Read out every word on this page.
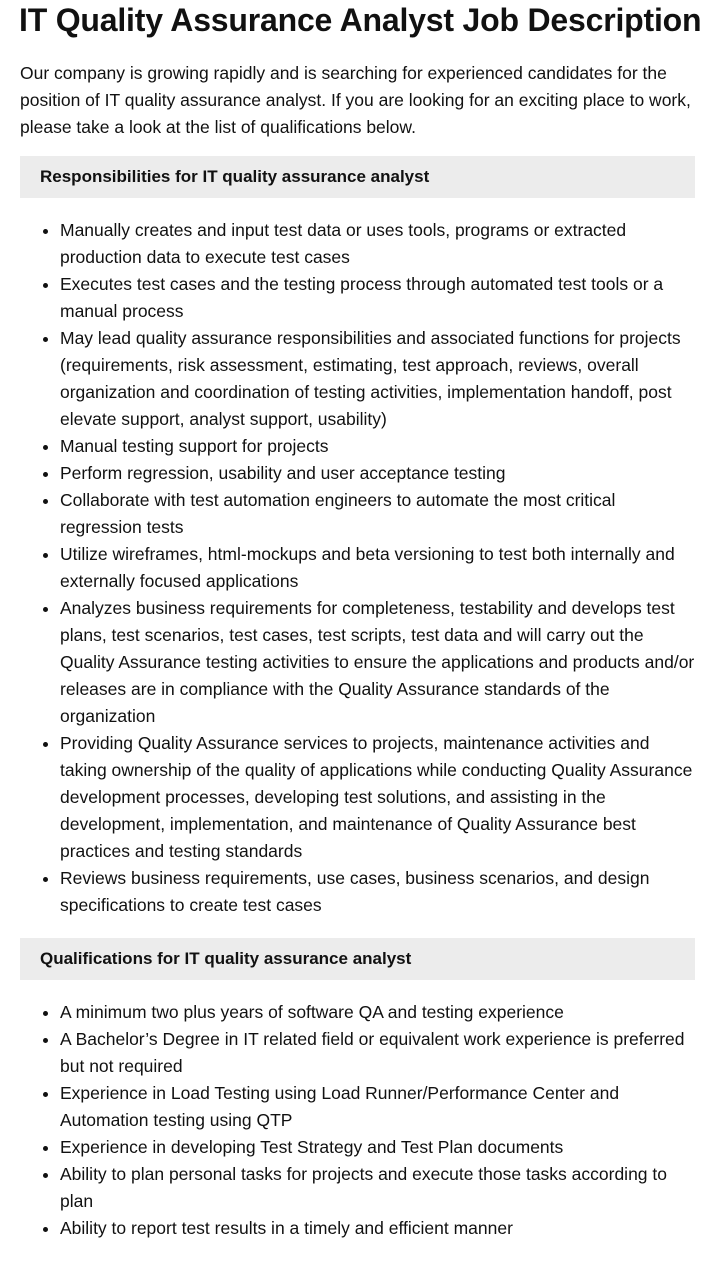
IT Quality Assurance Analyst Job Description

Our company is growing rapidly and is searching for experienced candidates for the position of IT quality assurance analyst. If you are looking for an exciting place to work, please take a look at the list of qualifications below.

Responsibilities for IT quality assurance analyst
• Manually creates and input test data or uses tools, programs or extracted production data to execute test cases
• Executes test cases and the testing process through automated test tools or a manual process
• May lead quality assurance responsibilities and associated functions for projects (requirements, risk assessment, estimating, test approach, reviews, overall organization and coordination of testing activities, implementation handoff, post elevate support, analyst support, usability)
• Manual testing support for projects
• Perform regression, usability and user acceptance testing
• Collaborate with test automation engineers to automate the most critical regression tests
• Utilize wireframes, html-mockups and beta versioning to test both internally and externally focused applications
• Analyzes business requirements for completeness, testability and develops test plans, test scenarios, test cases, test scripts, test data and will carry out the Quality Assurance testing activities to ensure the applications and products and/or releases are in compliance with the Quality Assurance standards of the organization
• Providing Quality Assurance services to projects, maintenance activities and taking ownership of the quality of applications while conducting Quality Assurance development processes, developing test solutions, and assisting in the development, implementation, and maintenance of Quality Assurance best practices and testing standards
• Reviews business requirements, use cases, business scenarios, and design specifications to create test cases
Qualifications for IT quality assurance analyst
• A minimum two plus years of software QA and testing experience
• A Bachelor’s Degree in IT related field or equivalent work experience is preferred but not required
• Experience in Load Testing using Load Runner/Performance Center and Automation testing using QTP
• Experience in developing Test Strategy and Test Plan documents
• Ability to plan personal tasks for projects and execute those tasks according to plan
• Ability to report test results in a timely and efficient manner
